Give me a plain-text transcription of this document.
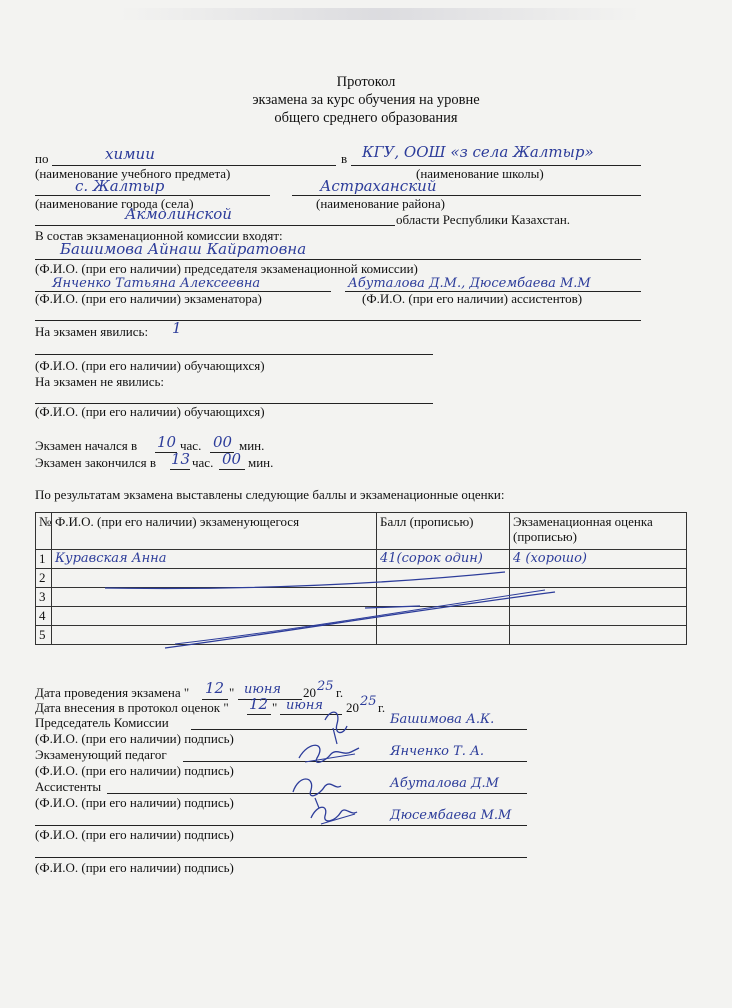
Протокол
экзамена за курс обучения на уровне
общего среднего образования
по	химии	в КГУ, ООШ «з села Жалтыр»
(наименование учебного предмета)	(наименование школы)
с. Жалтыр	Астраханский
(наименование города (села)	(наименование района)
Акмолинской	области Республики Казахстан.
В состав экзаменационной комиссии входят:
Башимова Айнаш Кайратовна
(Ф.И.О. (при его наличии) председателя экзаменационной комиссии)
Янченко Татьяна Алексеевна	Абуталова Д.М., Дюсембаева М.М
(Ф.И.О. (при его наличии) экзаменатора)	(Ф.И.О. (при его наличии) ассистентов)
На экзамен явились: 1
(Ф.И.О. (при его наличии) обучающихся)
На экзамен не явились:
(Ф.И.О. (при его наличии) обучающихся)
Экзамен начался в 10 час. 00 мин.
Экзамен закончился в 13 час. 00 мин.
По результатам экзамена выставлены следующие баллы и экзаменационные оценки:
№	Ф.И.О. (при его наличии) экзаменующегося	Балл (прописью)	Экзаменационная оценка (прописью)
1	Куравская Анна	41(сорок один)	4 (хорошо)
2			
3			
4			
5			
Дата проведения экзамена " 12 " июня 20 25 г.
Дата внесения в протокол оценок " 12 " июня 20 25 г.
Председатель Комиссии	Башимова А.К.
(Ф.И.О. (при его наличии) подпись)
Экзаменующий педагог	Янченко Т. А.
(Ф.И.О. (при его наличии) подпись)
Ассистенты	Абуталова Д.М
(Ф.И.О. (при его наличии) подпись)
Дюсембаева М.М
(Ф.И.О. (при его наличии) подпись)
(Ф.И.О. (при его наличии) подпись)
